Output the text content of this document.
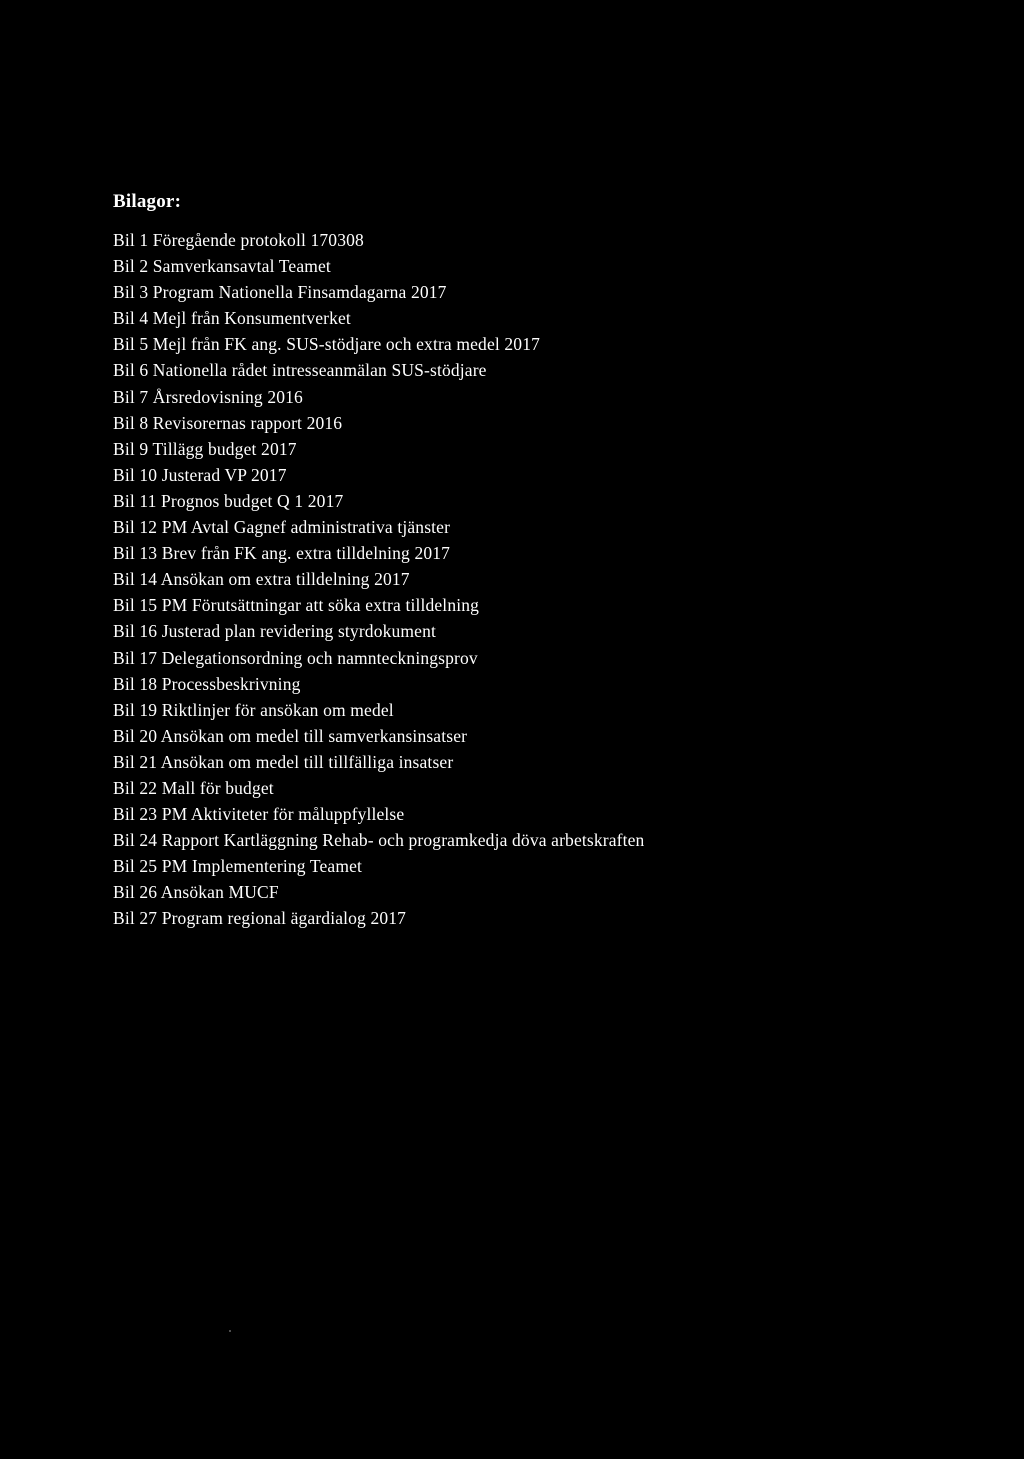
Bilagor:
Bil 1 Föregående protokoll 170308
Bil 2 Samverkansavtal Teamet
Bil 3 Program Nationella Finsamdagarna 2017
Bil 4 Mejl från Konsumentverket
Bil 5 Mejl från FK ang. SUS-stödjare och extra medel 2017
Bil 6 Nationella rådet intresseanmälan SUS-stödjare
Bil 7 Årsredovisning 2016
Bil 8 Revisorernas rapport 2016
Bil 9 Tillägg budget 2017
Bil 10 Justerad VP 2017
Bil 11 Prognos budget Q 1 2017
Bil 12 PM Avtal Gagnef administrativa tjänster
Bil 13 Brev från FK ang. extra tilldelning 2017
Bil 14 Ansökan om extra tilldelning 2017
Bil 15 PM Förutsättningar att söka extra tilldelning
Bil 16 Justerad plan revidering styrdokument
Bil 17 Delegationsordning och namnteckningsprov
Bil 18 Processbeskrivning
Bil 19 Riktlinjer för ansökan om medel
Bil 20 Ansökan om medel till samverkansinsatser
Bil 21 Ansökan om medel till tillfälliga insatser
Bil 22 Mall för budget
Bil 23 PM Aktiviteter för måluppfyllelse
Bil 24 Rapport Kartläggning Rehab- och programkedja döva arbetskraften
Bil 25 PM Implementering Teamet
Bil 26 Ansökan MUCF
Bil 27 Program regional ägardialog 2017
